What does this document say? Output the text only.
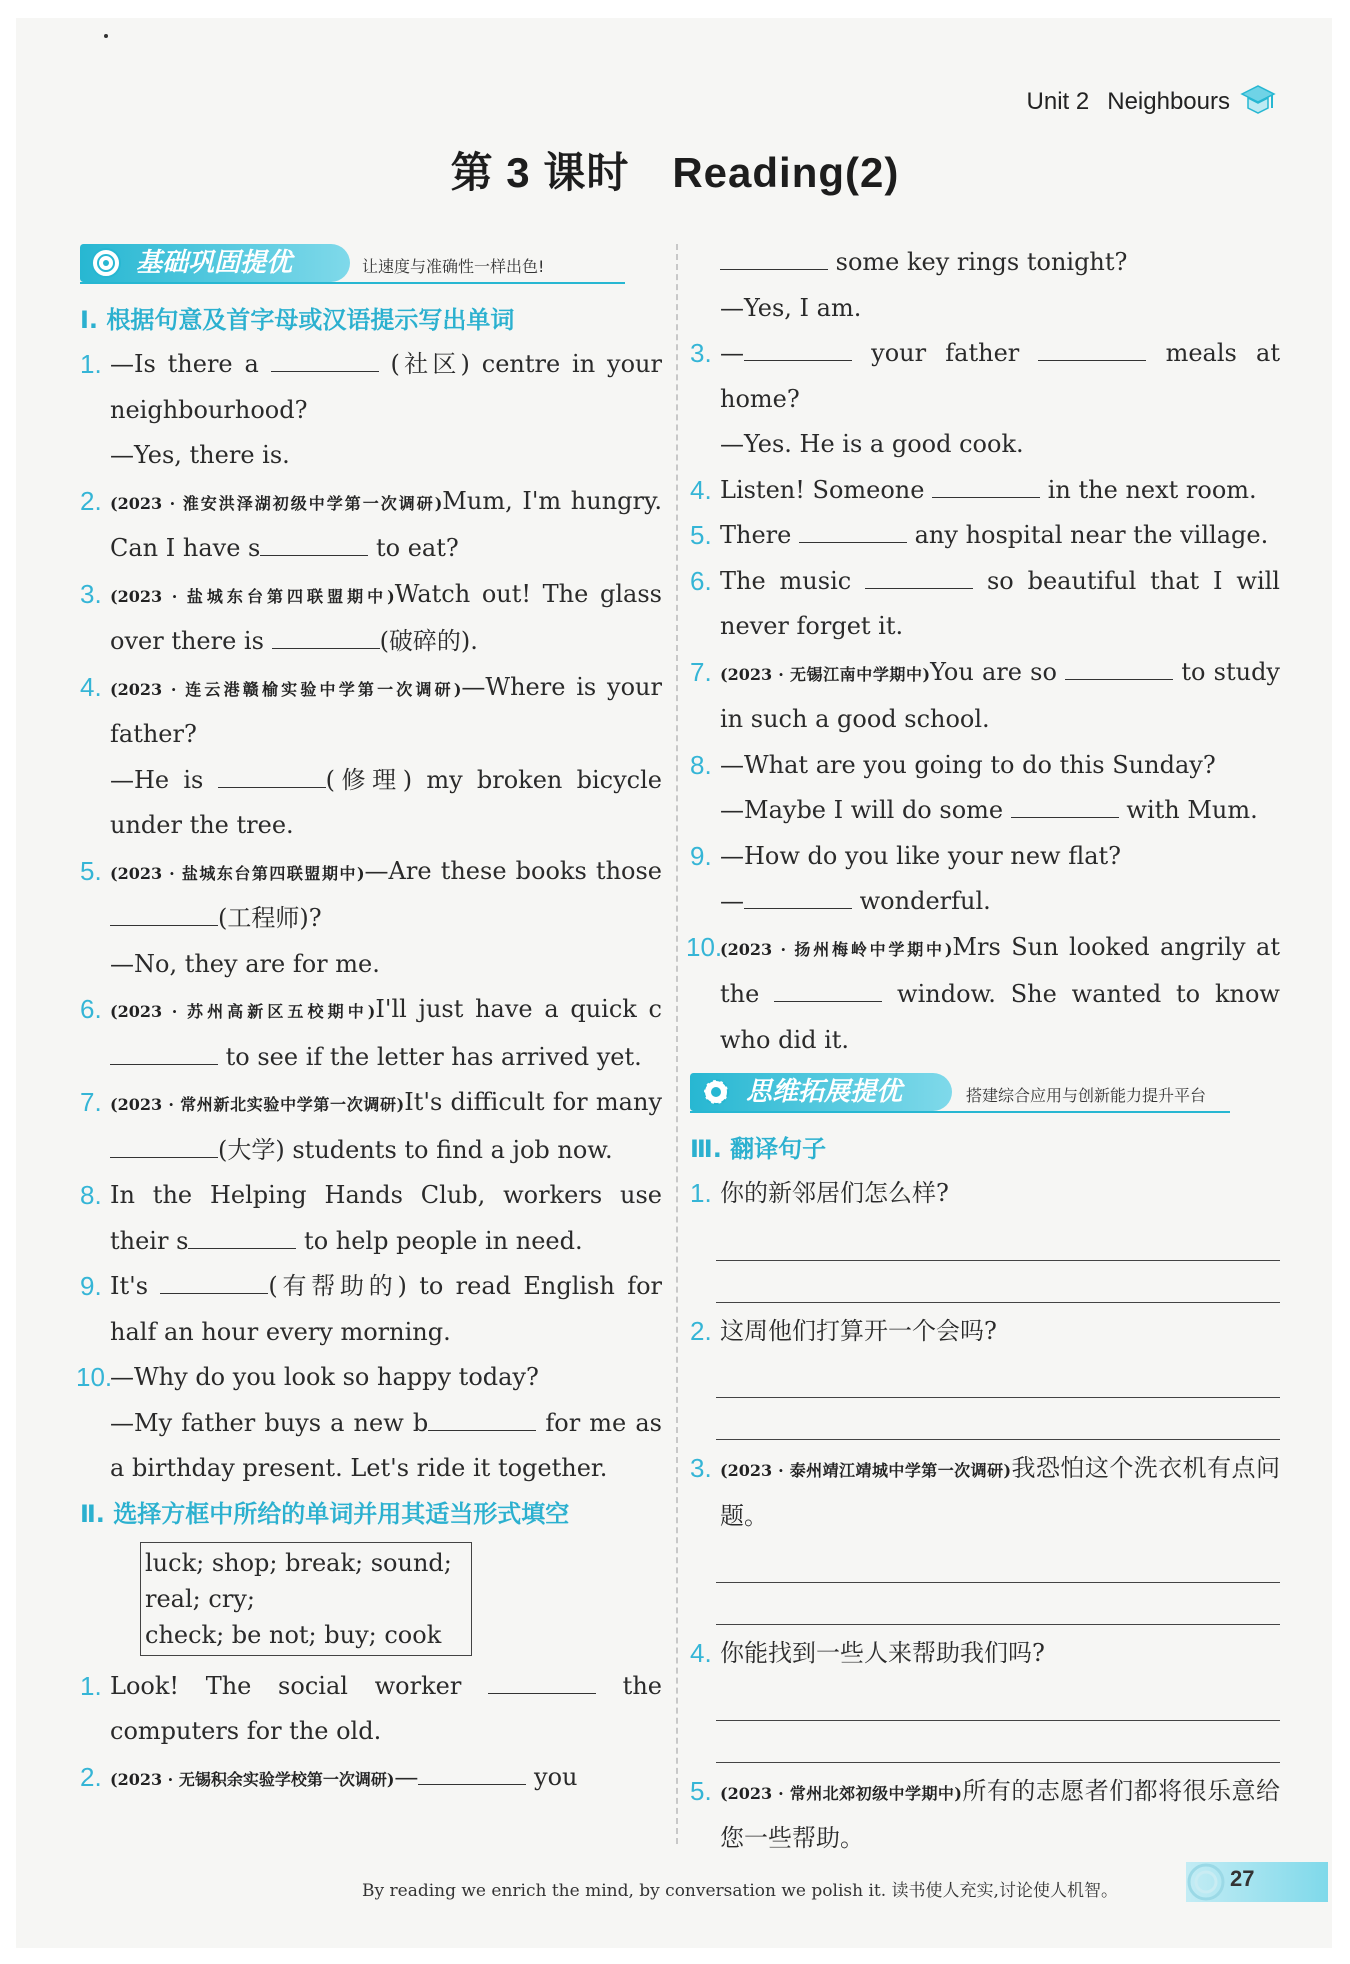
Unit 2 Neighbours
第 3 课时　Reading(2)
基础巩固提优	让速度与准确性一样出色!
Ⅰ. 根据句意及首字母或汉语提示写出单词
1. —Is there a	(社区) centre in your neighbourhood?
—Yes, there is.
2. (2023 · 淮安洪泽湖初级中学第一次调研)Mum, I'm hungry. Can I have s	to eat?
3. (2023 · 盐城东台第四联盟期中)Watch out! The glass over there is	(破碎的).
4. (2023 · 连云港赣榆实验中学第一次调研)—Where is your father?
—He is	(修理) my broken bicycle under the tree.
5. (2023 · 盐城东台第四联盟期中)—Are these books those (工程师)?
—No, they are for me.
6. (2023 · 苏州高新区五校期中)I'll just have a quick c to see if the letter has arrived yet.
7. (2023 · 常州新北实验中学第一次调研)It's difficult for many (大学) students to find a job now.
8. In the Helping Hands Club, workers use their s	to help people in need.
9. It's	(有帮助的) to read English for half an hour every morning.
10.
—Why do you look so happy today?
—My father buys a new b	for me as a birthday present. Let's ride it together.
Ⅱ. 选择方框中所给的单词并用其适当形式填空
luck; shop; break; sound; real; cry;
check; be not; buy; cook
1. Look! The social worker	the computers for the old.
2. (2023 · 无锡积余实验学校第一次调研)—	you
some key rings tonight?
—Yes, I am.
3. —	your father	meals at home?
—Yes. He is a good cook.
4. Listen! Someone	in the next room.
5. There	any hospital near the village.
6. The music	so beautiful that I will never forget it.
7. (2023 · 无锡江南中学期中)You are so	to study in such a good school.
8. —What are you going to do this Sunday?
—Maybe I will do some	with Mum.
9. —How do you like your new flat?
—	wonderful.
10.
(2023 · 扬州梅岭中学期中)Mrs Sun looked angrily at the	window. She wanted to know who did it.
思维拓展提优	搭建综合应用与创新能力提升平台
Ⅲ. 翻译句子
1. 你的新邻居们怎么样?
2. 这周他们打算开一个会吗?
3. (2023 · 泰州靖江靖城中学第一次调研)我恐怕这个洗衣机有点问题。
4. 你能找到一些人来帮助我们吗?
5. (2023 · 常州北郊初级中学期中)所有的志愿者们都将很乐意给您一些帮助。
By reading we enrich the mind, by conversation we polish it. 读书使人充实,讨论使人机智。	27
